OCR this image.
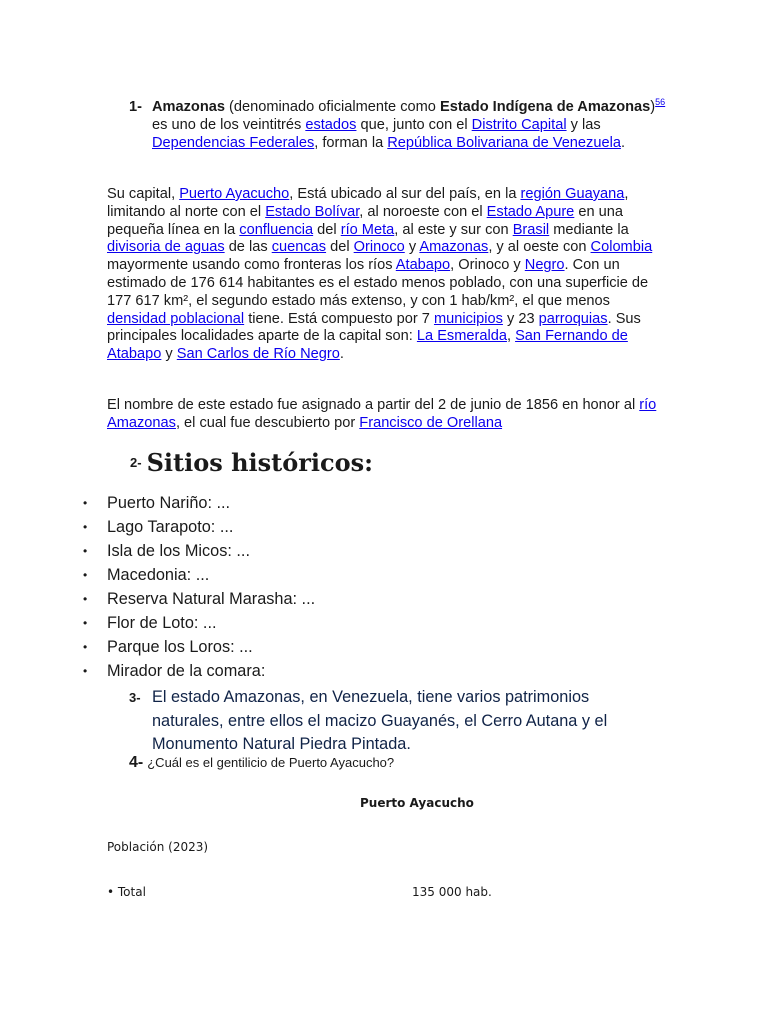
1- Amazonas (denominado oficialmente como Estado Indígena de Amazonas)$^{56}$ es uno de los veintitrés estados que, junto con el Distrito Capital y las Dependencias Federales, forman la República Bolivariana de Venezuela.
Su capital, Puerto Ayacucho, Está ubicado al sur del país, en la región Guayana, limitando al norte con el Estado Bolívar, al noroeste con el Estado Apure en una pequeña línea en la confluencia del río Meta, al este y sur con Brasil mediante la divisoria de aguas de las cuencas del Orinoco y Amazonas, y al oeste con Colombia mayormente usando como fronteras los ríos Atabapo, Orinoco y Negro. Con un estimado de 176 614 habitantes es el estado menos poblado, con una superficie de 177 617 km², el segundo estado más extenso, y con 1 hab/km², el que menos densidad poblacional tiene. Está compuesto por 7 municipios y 23 parroquias. Sus principales localidades aparte de la capital son: La Esmeralda, San Fernando de Atabapo y San Carlos de Río Negro.
El nombre de este estado fue asignado a partir del 2 de junio de 1856 en honor al río Amazonas, el cual fue descubierto por Francisco de Orellana
2- Sitios históricos:
• Puerto Nariño: ...
• Lago Tarapoto: ...
• Isla de los Micos: ...
• Macedonia: ...
• Reserva Natural Marasha: ...
• Flor de Loto: ...
• Parque los Loros: ...
• Mirador de la comara:
3- El estado Amazonas, en Venezuela, tiene varios patrimonios naturales, entre ellos el macizo Guayanés, el Cerro Autana y el Monumento Natural Piedra Pintada.
4- ¿Cuál es el gentilicio de Puerto Ayacucho?
Puerto Ayacucho
Población (2023)
• Total	135 000 hab.
